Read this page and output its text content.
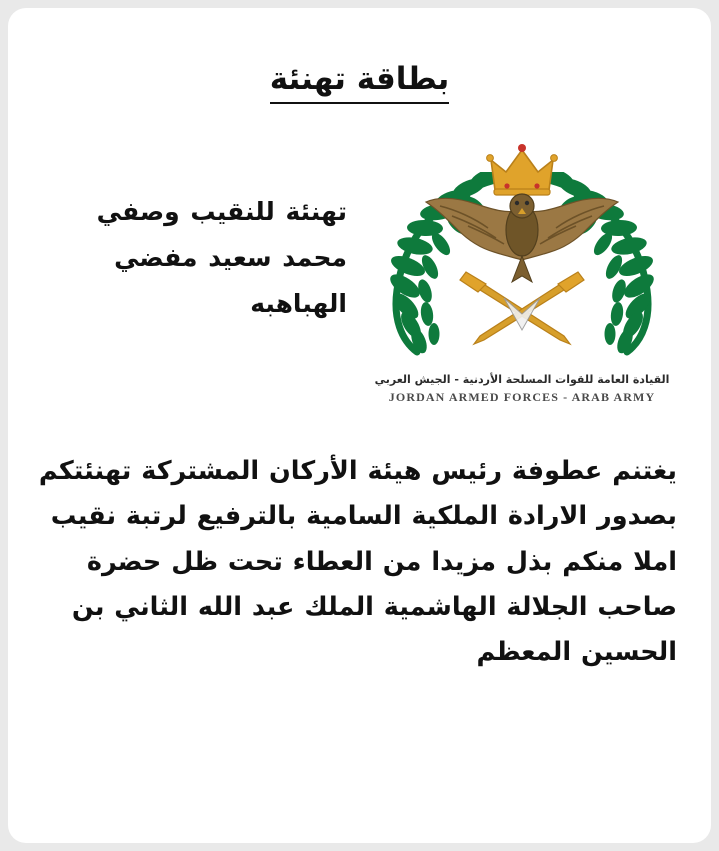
بطاقة تهنئة
القيادة العامة للقوات المسلحة الأردنية - الجيش العربي
JORDAN ARMED FORCES - ARAB ARMY
تهنئة للنقيب وصفي محمد سعيد مفضي الهباهبه
يغتنم عطوفة رئيس هيئة الأركان المشتركة تهنئتكم بصدور الارادة الملكية السامية بالترفيع لرتبة نقيب املا منكم بذل مزيدا من العطاء تحت ظل حضرة صاحب الجلالة الهاشمية الملك عبد الله الثاني بن الحسين المعظم
